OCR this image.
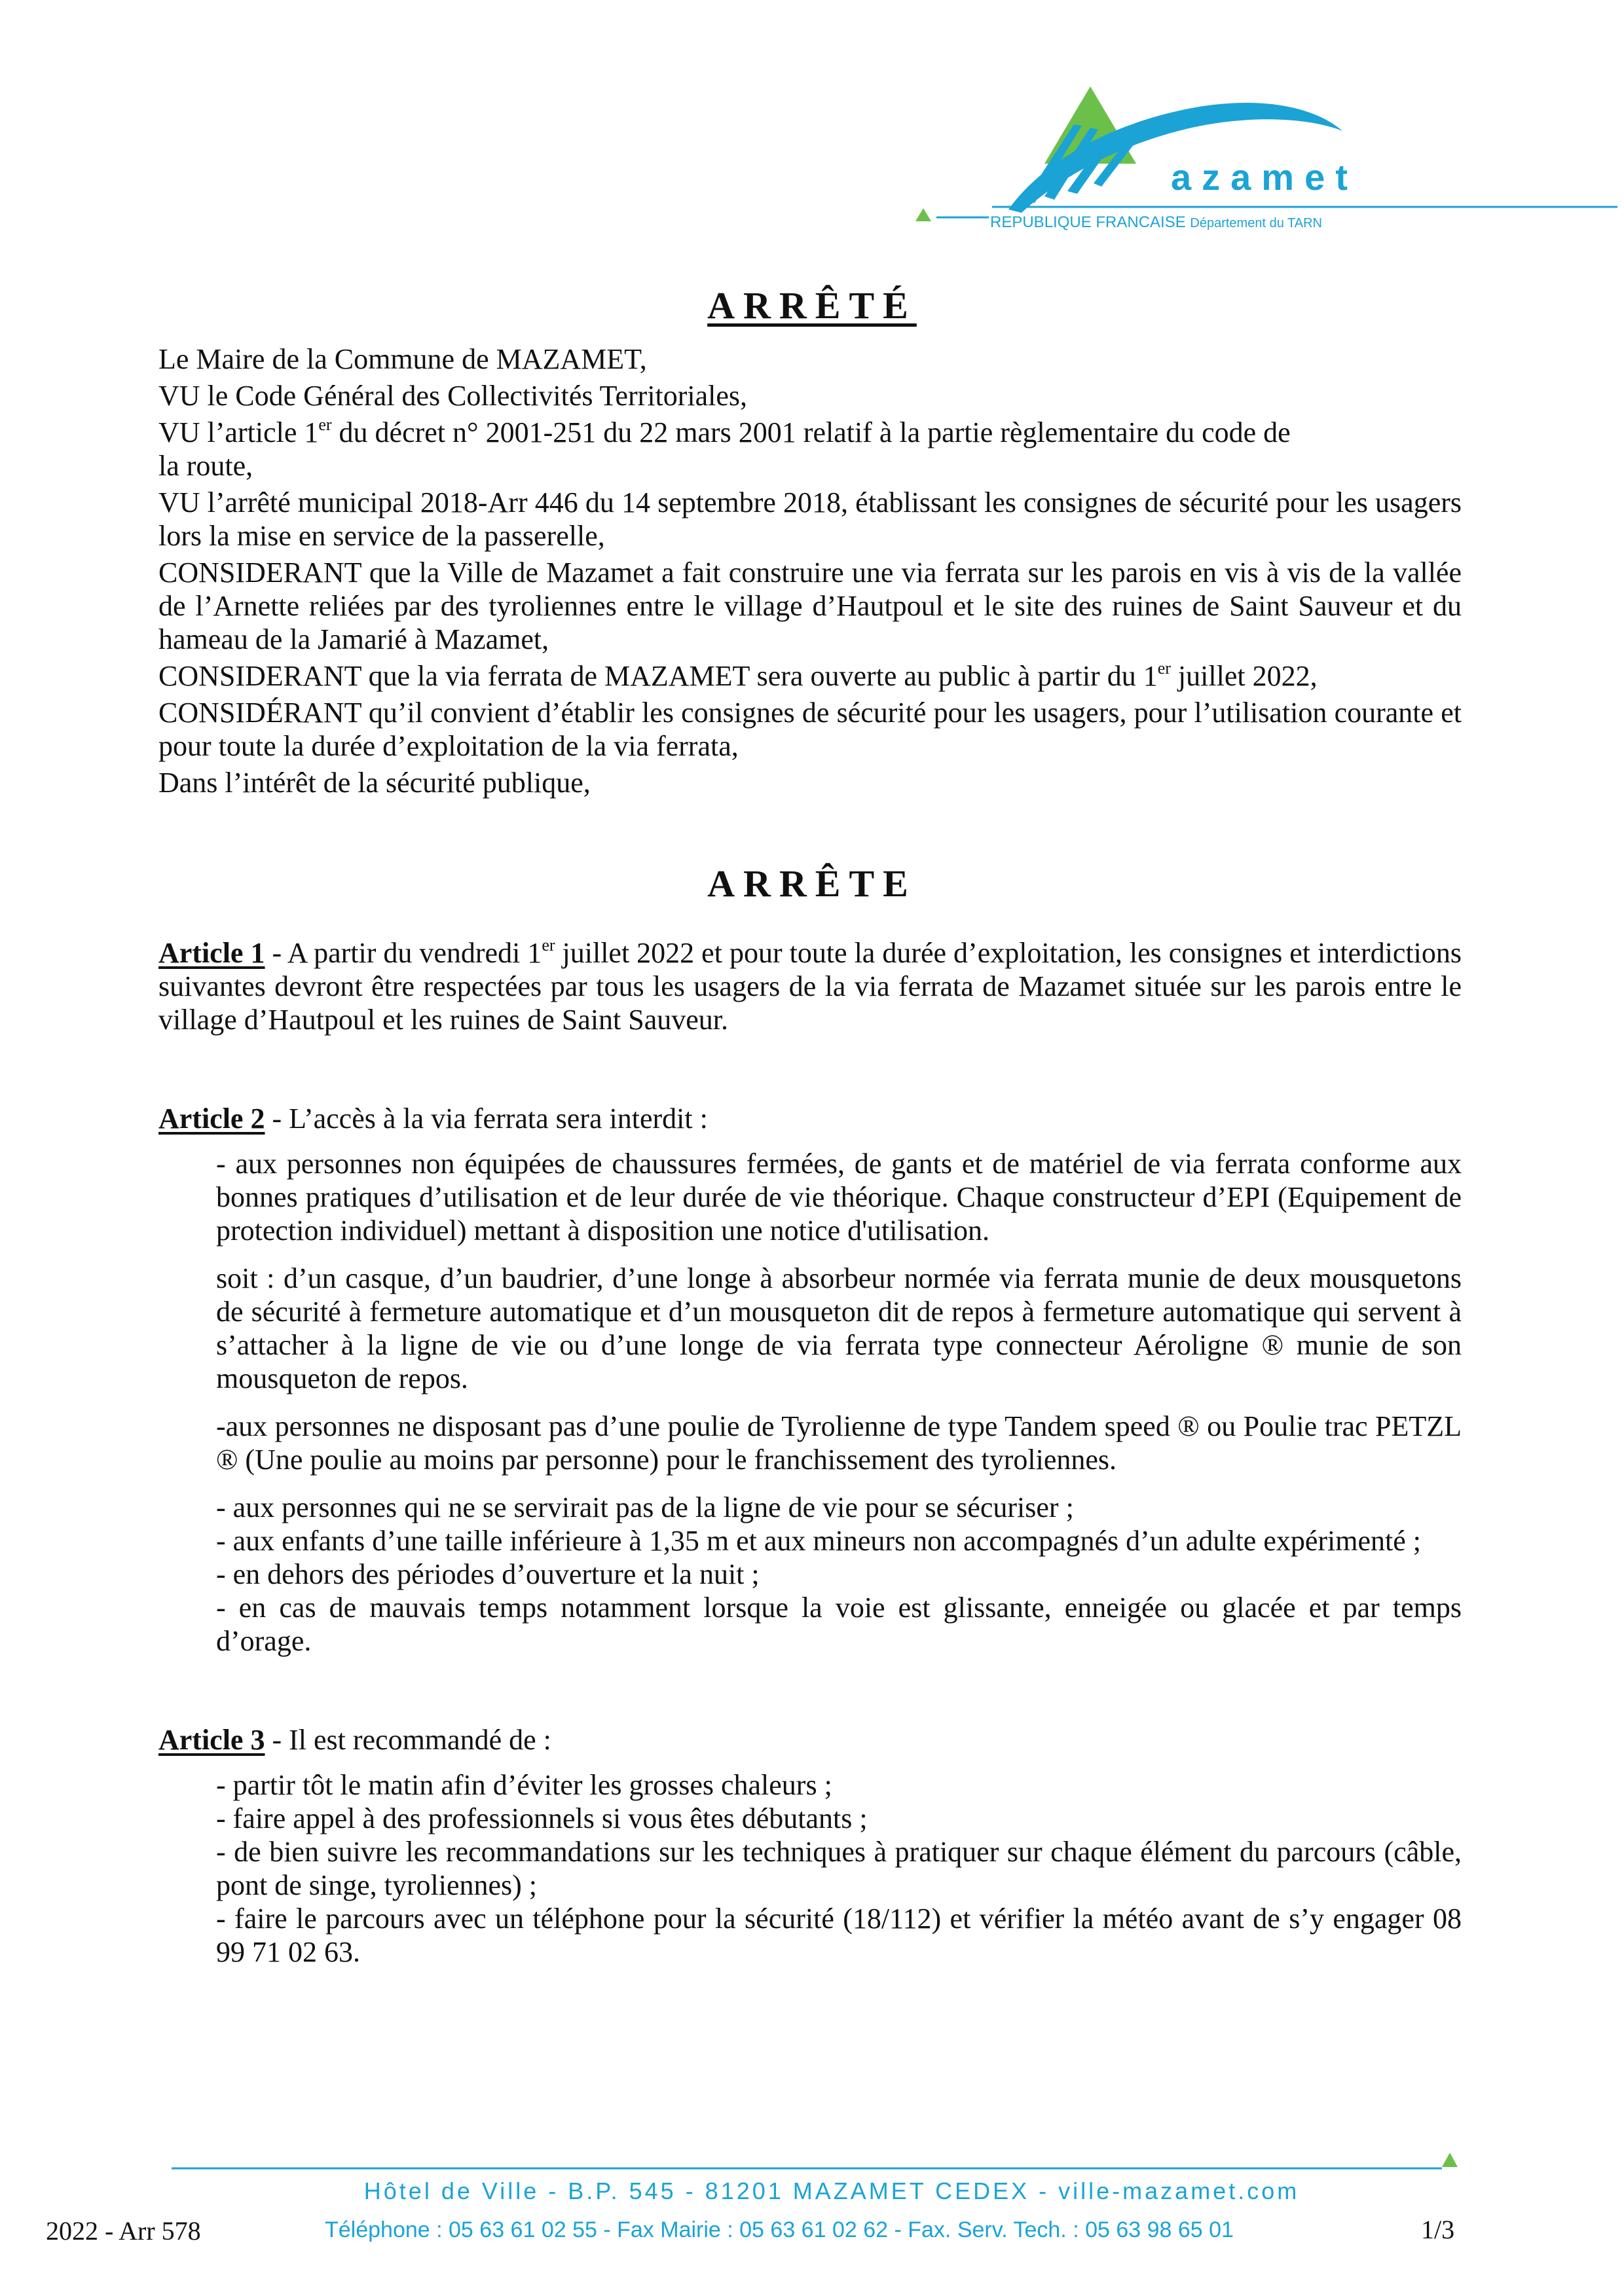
azamet
REPUBLIQUE FRANCAISE Département du TARN
ARRÊTÉ

Le Maire de la Commune de MAZAMET,

VU le Code Général des Collectivités Territoriales,

VU l’article 1er du décret n° 2001-251 du 22 mars 2001 relatif à la partie règlementaire du code de

la route,

VU l’arrêté municipal 2018-Arr 446 du 14 septembre 2018, établissant les consignes de sécurité pour les usagers lors la mise en service de la passerelle,

CONSIDERANT que la Ville de Mazamet a fait construire une via ferrata sur les parois en vis à vis de la vallée de l’Arnette reliées par des tyroliennes entre le village d’Hautpoul et le site des ruines de Saint Sauveur et du hameau de la Jamarié à Mazamet,

CONSIDERANT que la via ferrata de MAZAMET sera ouverte au public à partir du 1er juillet 2022,

CONSIDÉRANT qu’il convient d’établir les consignes de sécurité pour les usagers, pour l’utilisation courante et pour toute la durée d’exploitation de la via ferrata,

Dans l’intérêt de la sécurité publique,

ARRÊTE

Article 1 - A partir du vendredi 1er juillet 2022 et pour toute la durée d’exploitation, les consignes et interdictions suivantes devront être respectées par tous les usagers de la via ferrata de Mazamet située sur les parois entre le village d’Hautpoul et les ruines de Saint Sauveur.

Article 2 - L’accès à la via ferrata sera interdit :

- aux personnes non équipées de chaussures fermées, de gants et de matériel de via ferrata conforme aux bonnes pratiques d’utilisation et de leur durée de vie théorique. Chaque constructeur d’EPI (Equipement de protection individuel) mettant à disposition une notice d'utilisation.

soit : d’un casque, d’un baudrier, d’une longe à absorbeur normée via ferrata munie de deux mousquetons de sécurité à fermeture automatique et d’un mousqueton dit de repos à fermeture automatique qui servent à s’attacher à la ligne de vie ou d’une longe de via ferrata type connecteur Aéroligne ® munie de son mousqueton de repos.

-aux personnes ne disposant pas d’une poulie de Tyrolienne de type Tandem speed ® ou Poulie trac PETZL ® (Une poulie au moins par personne) pour le franchissement des tyroliennes.

- aux personnes qui ne se servirait pas de la ligne de vie pour se sécuriser ;

- aux enfants d’une taille inférieure à 1,35 m et aux mineurs non accompagnés d’un adulte expérimenté ;

- en dehors des périodes d’ouverture et la nuit ;

- en cas de mauvais temps notamment lorsque la voie est glissante, enneigée ou glacée et par temps d’orage.

Article 3 - Il est recommandé de :

- partir tôt le matin afin d’éviter les grosses chaleurs ;

- faire appel à des professionnels si vous êtes débutants ;

- de bien suivre les recommandations sur les techniques à pratiquer sur chaque élément du parcours (câble, pont de singe, tyroliennes) ;

- faire le parcours avec un téléphone pour la sécurité (18/112) et vérifier la météo avant de s’y engager 08 99 71 02 63.

Hôtel de Ville - B.P. 545 - 81201 MAZAMET CEDEX - ville-mazamet.com
Téléphone : 05 63 61 02 55 - Fax Mairie : 05 63 61 02 62 - Fax. Serv. Tech. : 05 63 98 65 01
2022 - Arr 578	1/3
